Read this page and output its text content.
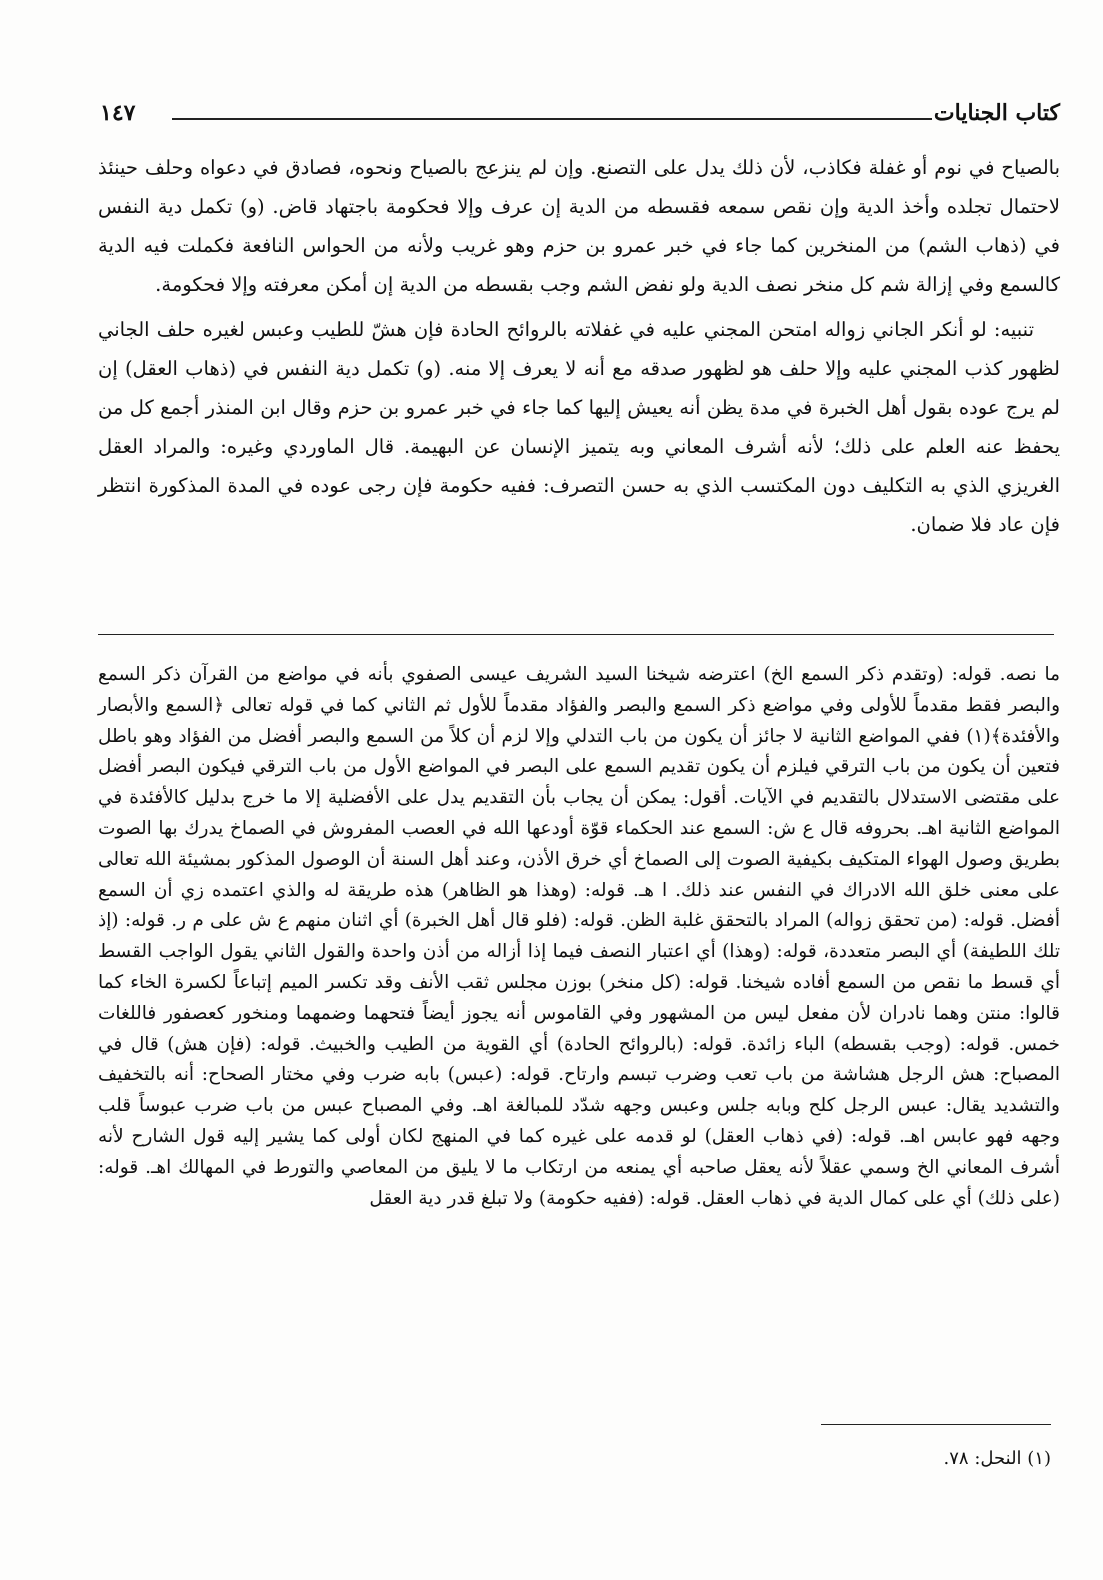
كتاب الجنايات
١٤٧

بالصياح في نوم أو غفلة فكاذب، لأن ذلك يدل على التصنع. وإن لم ينزعج بالصياح ونحوه، فصادق في دعواه وحلف حينئذ لاحتمال تجلده وأخذ الدية وإن نقص سمعه فقسطه من الدية إن عرف وإلا فحكومة باجتهاد قاض. (و) تكمل دية النفس في (ذهاب الشم) من المنخرين كما جاء في خبر عمرو بن حزم وهو غريب ولأنه من الحواس النافعة فكملت فيه الدية كالسمع وفي إزالة شم كل منخر نصف الدية ولو نفض الشم وجب بقسطه من الدية إن أمكن معرفته وإلا فحكومة.

تنبيه: لو أنكر الجاني زواله امتحن المجني عليه في غفلاته بالروائح الحادة فإن هشّ للطيب وعبس لغيره حلف الجاني لظهور كذب المجني عليه وإلا حلف هو لظهور صدقه مع أنه لا يعرف إلا منه. (و) تكمل دية النفس في (ذهاب العقل) إن لم يرج عوده بقول أهل الخبرة في مدة يظن أنه يعيش إليها كما جاء في خبر عمرو بن حزم وقال ابن المنذر أجمع كل من يحفظ عنه العلم على ذلك؛ لأنه أشرف المعاني وبه يتميز الإنسان عن البهيمة. قال الماوردي وغيره: والمراد العقل الغريزي الذي به التكليف دون المكتسب الذي به حسن التصرف: ففيه حكومة فإن رجى عوده في المدة المذكورة انتظر فإن عاد فلا ضمان.

ما نصه. قوله: (وتقدم ذكر السمع الخ) اعترضه شيخنا السيد الشريف عيسى الصفوي بأنه في مواضع من القرآن ذكر السمع والبصر فقط مقدماً للأولى وفي مواضع ذكر السمع والبصر والفؤاد مقدماً للأول ثم الثاني كما في قوله تعالى ﴿السمع والأبصار والأفئدة﴾(١) ففي المواضع الثانية لا جائز أن يكون من باب التدلي وإلا لزم أن كلاً من السمع والبصر أفضل من الفؤاد وهو باطل فتعين أن يكون من باب الترقي فيلزم أن يكون تقديم السمع على البصر في المواضع الأول من باب الترقي فيكون البصر أفضل على مقتضى الاستدلال بالتقديم في الآيات. أقول: يمكن أن يجاب بأن التقديم يدل على الأفضلية إلا ما خرج بدليل كالأفئدة في المواضع الثانية اهـ. بحروفه قال ع ش: السمع عند الحكماء قوّة أودعها الله في العصب المفروش في الصماخ يدرك بها الصوت بطريق وصول الهواء المتكيف بكيفية الصوت إلى الصماخ أي خرق الأذن، وعند أهل السنة أن الوصول المذكور بمشيئة الله تعالى على معنى خلق الله الادراك في النفس عند ذلك. ا هـ. قوله: (وهذا هو الظاهر) هذه طريقة له والذي اعتمده زي أن السمع أفضل. قوله: (من تحقق زواله) المراد بالتحقق غلبة الظن. قوله: (فلو قال أهل الخبرة) أي اثنان منهم ع ش على م ر. قوله: (إذ تلك اللطيفة) أي البصر متعددة، قوله: (وهذا) أي اعتبار النصف فيما إذا أزاله من أذن واحدة والقول الثاني يقول الواجب القسط أي قسط ما نقص من السمع أفاده شيخنا. قوله: (كل منخر) بوزن مجلس ثقب الأنف وقد تكسر الميم إتباعاً لكسرة الخاء كما قالوا: منتن وهما نادران لأن مفعل ليس من المشهور وفي القاموس أنه يجوز أيضاً فتحهما وضمهما ومنخور كعصفور فاللغات خمس. قوله: (وجب بقسطه) الباء زائدة. قوله: (بالروائح الحادة) أي القوية من الطيب والخبيث. قوله: (فإن هش) قال في المصباح: هش الرجل هشاشة من باب تعب وضرب تبسم وارتاح. قوله: (عبس) بابه ضرب وفي مختار الصحاح: أنه بالتخفيف والتشديد يقال: عبس الرجل كلح وبابه جلس وعبس وجهه شدّد للمبالغة اهـ. وفي المصباح عبس من باب ضرب عبوساً قلب وجهه فهو عابس اهـ. قوله: (في ذهاب العقل) لو قدمه على غيره كما في المنهج لكان أولى كما يشير إليه قول الشارح لأنه أشرف المعاني الخ وسمي عقلاً لأنه يعقل صاحبه أي يمنعه من ارتكاب ما لا يليق من المعاصي والتورط في المهالك اهـ. قوله: (على ذلك) أي على كمال الدية في ذهاب العقل. قوله: (ففيه حكومة) ولا تبلغ قدر دية العقل

(١) النحل: ٧٨.
